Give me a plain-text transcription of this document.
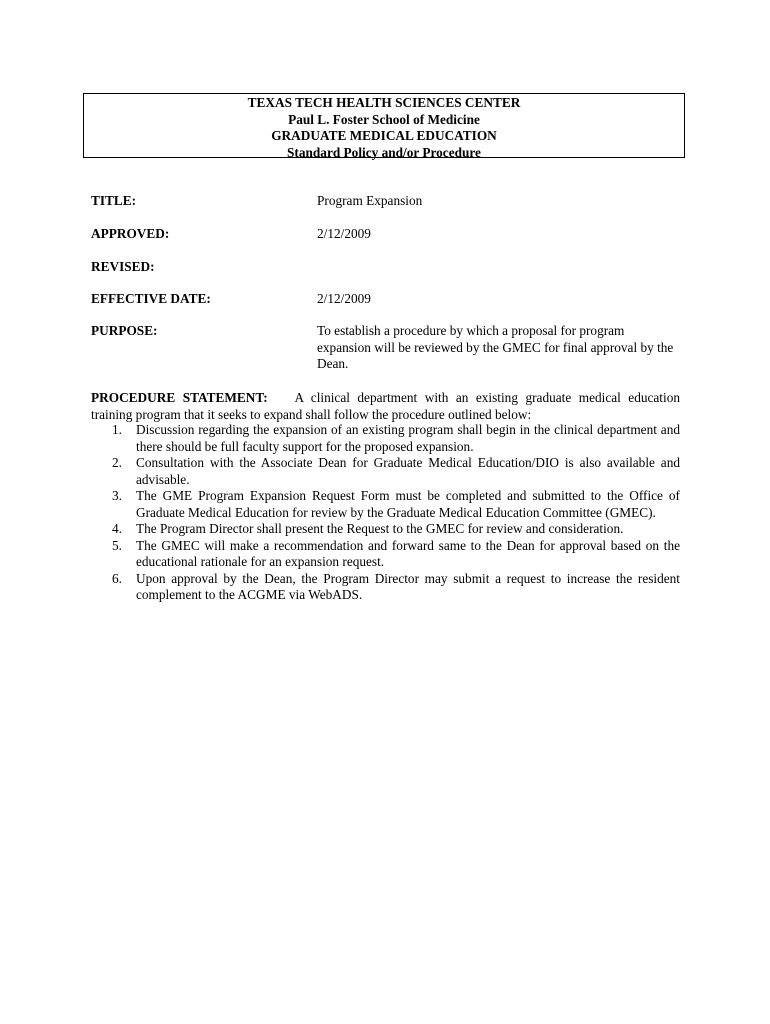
TEXAS TECH HEALTH SCIENCES CENTER
Paul L. Foster School of Medicine
GRADUATE MEDICAL EDUCATION
Standard Policy and/or Procedure
TITLE:	Program Expansion
APPROVED:	2/12/2009
REVISED:
EFFECTIVE DATE:	2/12/2009
PURPOSE:	To establish a procedure by which a proposal for program expansion will be reviewed by the GMEC for final approval by the Dean.
PROCEDURE STATEMENT: A clinical department with an existing graduate medical education training program that it seeks to expand shall follow the procedure outlined below:
1.	Discussion regarding the expansion of an existing program shall begin in the clinical department and there should be full faculty support for the proposed expansion.
2.	Consultation with the Associate Dean for Graduate Medical Education/DIO is also available and advisable.
3.	The GME Program Expansion Request Form must be completed and submitted to the Office of Graduate Medical Education for review by the Graduate Medical Education Committee (GMEC).
4.	The Program Director shall present the Request to the GMEC for review and consideration.
5.	The GMEC will make a recommendation and forward same to the Dean for approval based on the educational rationale for an expansion request.
6.	Upon approval by the Dean, the Program Director may submit a request to increase the resident complement to the ACGME via WebADS.
